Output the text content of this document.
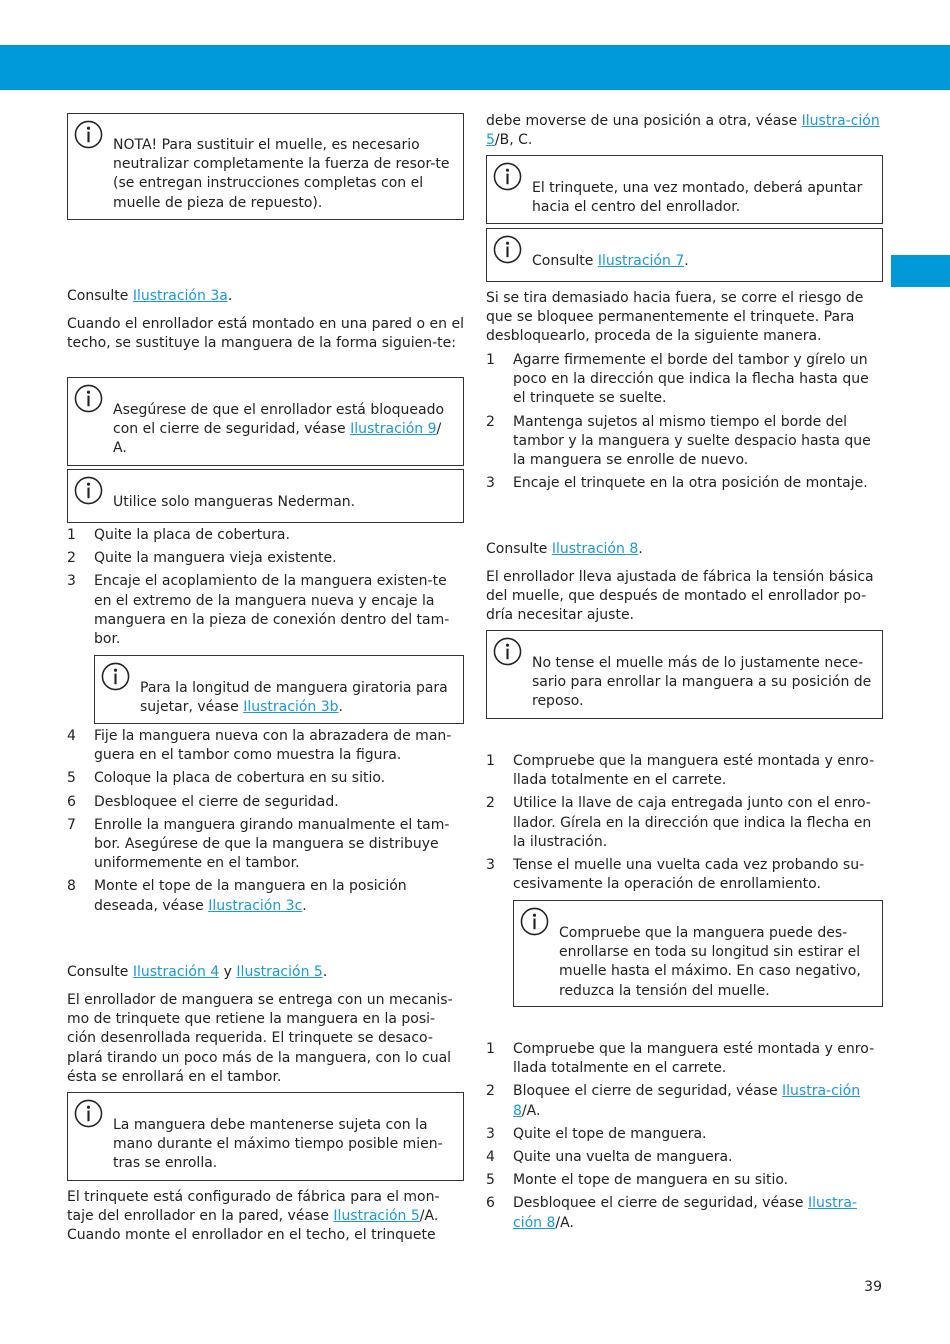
NOTA! Para sustituir el muelle, es necesario neutralizar completamente la fuerza de resor-te (se entregan instrucciones completas con el muelle de pieza de repuesto).

Consulte Ilustración 3a.

Cuando el enrollador está montado en una pared o en el techo, se sustituye la manguera de la forma siguien-te:

Asegúrese de que el enrollador está bloqueado con el cierre de seguridad, véase Ilustración 9/ A.
Utilice solo mangueras Nederman.
1 Quite la placa de cobertura.
2 Quite la manguera vieja existente.
3 Encaje el acoplamiento de la manguera existen-te en el extremo de la manguera nueva y encaje la manguera en la pieza de conexión dentro del tam-bor.
Para la longitud de manguera giratoria para sujetar, véase Ilustración 3b.
4 Fije la manguera nueva con la abrazadera de man-guera en el tambor como muestra la figura.
5 Coloque la placa de cobertura en su sitio.
6 Desbloquee el cierre de seguridad.
7 Enrolle la manguera girando manualmente el tam-bor. Asegúrese de que la manguera se distribuye uniformemente en el tambor.
8 Monte el tope de la manguera en la posición deseada, véase Ilustración 3c.

Consulte Ilustración 4 y Ilustración 5.

El enrollador de manguera se entrega con un mecanis-mo de trinquete que retiene la manguera en la posi-ción desenrollada requerida. El trinquete se desaco-plará tirando un poco más de la manguera, con lo cual ésta se enrollará en el tambor.

La manguera debe mantenerse sujeta con la mano durante el máximo tiempo posible mien-tras se enrolla.

El trinquete está configurado de fábrica para el mon-taje del enrollador en la pared, véase Ilustración 5/A. Cuando monte el enrollador en el techo, el trinquete

debe moverse de una posición a otra, véase Ilustra-ción 5/B, C.

El trinquete, una vez montado, deberá apuntar hacia el centro del enrollador.
Consulte Ilustración 7.

Si se tira demasiado hacia fuera, se corre el riesgo de que se bloquee permanentemente el trinquete. Para desbloquearlo, proceda de la siguiente manera.

1 Agarre firmemente el borde del tambor y gírelo un poco en la dirección que indica la flecha hasta que el trinquete se suelte.
2 Mantenga sujetos al mismo tiempo el borde del tambor y la manguera y suelte despacio hasta que la manguera se enrolle de nuevo.
3 Encaje el trinquete en la otra posición de montaje.

Consulte Ilustración 8.

El enrollador lleva ajustada de fábrica la tensión básica del muelle, que después de montado el enrollador po-dría necesitar ajuste.

No tense el muelle más de lo justamente nece-sario para enrollar la manguera a su posición de reposo.
1 Compruebe que la manguera esté montada y enro-llada totalmente en el carrete.
2 Utilice la llave de caja entregada junto con el enro-llador. Gírela en la dirección que indica la flecha en la ilustración.
3 Tense el muelle una vuelta cada vez probando su-cesivamente la operación de enrollamiento.
Compruebe que la manguera puede des-enrollarse en toda su longitud sin estirar el muelle hasta el máximo. En caso negativo, reduzca la tensión del muelle.
1 Compruebe que la manguera esté montada y enro-llada totalmente en el carrete.
2 Bloquee el cierre de seguridad, véase Ilustra-ción 8/A.
3 Quite el tope de manguera.
4 Quite una vuelta de manguera.
5 Monte el tope de manguera en su sitio.
6 Desbloquee el cierre de seguridad, véase Ilustra-ción 8/A.
39
